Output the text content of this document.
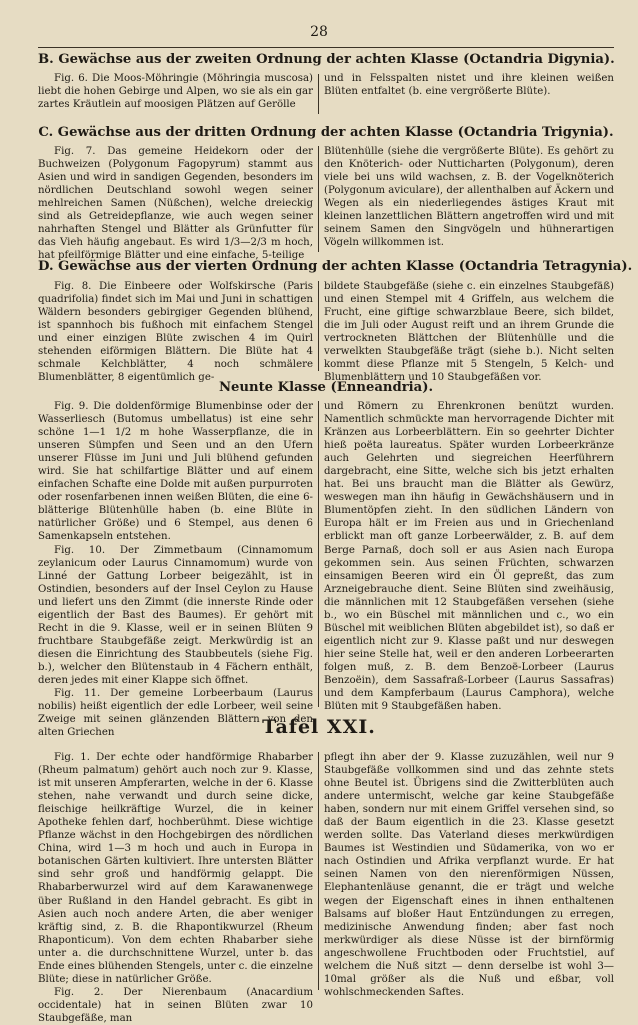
28
B. Gewächse aus der zweiten Ordnung der achten Klasse (Octandria Digynia).

Fig. 6. Die Moos-Möhringie (Möhringia muscosa) liebt die hohen Gebirge und Alpen, wo sie als ein gar zartes Kräutlein auf moosigen Plätzen auf Gerölle

und in Felsspalten nistet und ihre kleinen weißen Blüten entfaltet (b. eine vergrößerte Blüte).

C. Gewächse aus der dritten Ordnung der achten Klasse (Octandria Trigynia).

Fig. 7. Das gemeine Heidekorn oder der Buchweizen (Polygonum Fagopyrum) stammt aus Asien und wird in sandigen Gegenden, besonders im nördlichen Deutschland sowohl wegen seiner mehlreichen Samen (Nüßchen), welche dreieckig sind als Getreidepflanze, wie auch wegen seiner nahrhaften Stengel und Blätter als Grünfutter für das Vieh häufig angebaut. Es wird 1/3—2/3 m hoch, hat pfeilförmige Blätter und eine einfache, 5-teilige

Blütenhülle (siehe die vergrößerte Blüte). Es gehört zu den Knöterich- oder Nutticharten (Polygonum), deren viele bei uns wild wachsen, z. B. der Vogelknöterich (Polygonum aviculare), der allenthalben auf Äckern und Wegen als ein niederliegendes ästiges Kraut mit kleinen lanzettlichen Blättern angetroffen wird und mit seinem Samen den Singvögeln und hühnerartigen Vögeln willkommen ist.

D. Gewächse aus der vierten Ordnung der achten Klasse (Octandria Tetragynia).

Fig. 8. Die Einbeere oder Wolfskirsche (Paris quadrifolia) findet sich im Mai und Juni in schattigen Wäldern besonders gebirgiger Gegenden blühend, ist spannhoch bis fußhoch mit einfachem Stengel und einer einzigen Blüte zwischen 4 im Quirl stehenden eiförmigen Blättern. Die Blüte hat 4 schmale Kelchblätter, 4 noch schmälere Blumenblätter, 8 eigentümlich ge-

bildete Staubgefäße (siehe c. ein einzelnes Staubgefäß) und einen Stempel mit 4 Griffeln, aus welchem die Frucht, eine giftige schwarzblaue Beere, sich bildet, die im Juli oder August reift und an ihrem Grunde die vertrockneten Blättchen der Blütenhülle und die verwelkten Staubgefäße trägt (siehe b.). Nicht selten kommt diese Pflanze mit 5 Stengeln, 5 Kelch- und Blumenblättern und 10 Staubgefäßen vor.

Neunte Klasse (Enneandria).

Fig. 9. Die doldenförmige Blumenbinse oder der Wasserliesch (Butomus umbellatus) ist eine sehr schöne 1—1 1/2 m hohe Wasserpflanze, die in unseren Sümpfen und Seen und an den Ufern unserer Flüsse im Juni und Juli blühend gefunden wird. Sie hat schilfartige Blätter und auf einem einfachen Schafte eine Dolde mit außen purpurroten oder rosenfarbenen innen weißen Blüten, die eine 6-blätterige Blütenhülle haben (b. eine Blüte in natürlicher Größe) und 6 Stempel, aus denen 6 Samenkapseln entstehen.

Fig. 10. Der Zimmetbaum (Cinnamomum zeylanicum oder Laurus Cinnamomum) wurde von Linné der Gattung Lorbeer beigezählt, ist in Ostindien, besonders auf der Insel Ceylon zu Hause und liefert uns den Zimmt (die innerste Rinde oder eigentlich der Bast des Baumes). Er gehört mit Recht in die 9. Klasse, weil er in seinen Blüten 9 fruchtbare Staubgefäße zeigt. Merkwürdig ist an diesen die Einrichtung des Staubbeutels (siehe Fig. b.), welcher den Blütenstaub in 4 Fächern enthält, deren jedes mit einer Klappe sich öffnet.

Fig. 11. Der gemeine Lorbeerbaum (Laurus nobilis) heißt eigentlich der edle Lorbeer, weil seine Zweige mit seinen glänzenden Blättern von den alten Griechen

und Römern zu Ehrenkronen benützt wurden. Namentlich schmückte man hervorragende Dichter mit Kränzen aus Lorbeerblättern. Ein so geehrter Dichter hieß poëta laureatus. Später wurden Lorbeerkränze auch Gelehrten und siegreichen Heerführern dargebracht, eine Sitte, welche sich bis jetzt erhalten hat. Bei uns braucht man die Blätter als Gewürz, weswegen man ihn häufig in Gewächshäusern und in Blumentöpfen zieht. In den südlichen Ländern von Europa hält er im Freien aus und in Griechenland erblickt man oft ganze Lorbeerwälder, z. B. auf dem Berge Parnaß, doch soll er aus Asien nach Europa gekommen sein. Aus seinen Früchten, schwarzen einsamigen Beeren wird ein Öl gepreßt, das zum Arzneigebrauche dient. Seine Blüten sind zweihäusig, die männlichen mit 12 Staubgefäßen versehen (siehe b., wo ein Büschel mit männlichen und c., wo ein Büschel mit weiblichen Blüten abgebildet ist), so daß er eigentlich nicht zur 9. Klasse paßt und nur deswegen hier seine Stelle hat, weil er den anderen Lorbeerarten folgen muß, z. B. dem Benzoë-Lorbeer (Laurus Benzoëin), dem Sassafraß-Lorbeer (Laurus Sassafras) und dem Kampferbaum (Laurus Camphora), welche Blüten mit 9 Staubgefäßen haben.

Tafel XXI.

Fig. 1. Der echte oder handförmige Rhabarber (Rheum palmatum) gehört auch noch zur 9. Klasse, ist mit unseren Ampferarten, welche in der 6. Klasse stehen, nahe verwandt und durch seine dicke, fleischige heilkräftige Wurzel, die in keiner Apotheke fehlen darf, hochberühmt. Diese wichtige Pflanze wächst in den Hochgebirgen des nördlichen China, wird 1—3 m hoch und auch in Europa in botanischen Gärten kultiviert. Ihre untersten Blätter sind sehr groß und handförmig gelappt. Die Rhabarberwurzel wird auf dem Karawanenwege über Rußland in den Handel gebracht. Es gibt in Asien auch noch andere Arten, die aber weniger kräftig sind, z. B. die Rhapontikwurzel (Rheum Rhaponticum). Von dem echten Rhabarber siehe unter a. die durchschnittene Wurzel, unter b. das Ende eines blühenden Stengels, unter c. die einzelne Blüte; diese in natürlicher Größe.

Fig. 2. Der Nierenbaum (Anacardium occidentale) hat in seinen Blüten zwar 10 Staubgefäße, man

pflegt ihn aber der 9. Klasse zuzuzählen, weil nur 9 Staubgefäße vollkommen sind und das zehnte stets ohne Beutel ist. Übrigens sind die Zwitterblüten auch andere untermischt, welche gar keine Staubgefäße haben, sondern nur mit einem Griffel versehen sind, so daß der Baum eigentlich in die 23. Klasse gesetzt werden sollte. Das Vaterland dieses merkwürdigen Baumes ist Westindien und Südamerika, von wo er nach Ostindien und Afrika verpflanzt wurde. Er hat seinen Namen von den nierenförmigen Nüssen, Elephantenläuse genannt, die er trägt und welche wegen der Eigenschaft eines in ihnen enthaltenen Balsams auf bloßer Haut Entzündungen zu erregen, medizinische Anwendung finden; aber fast noch merkwürdiger als diese Nüsse ist der birnförmig angeschwollene Fruchtboden oder Fruchtstiel, auf welchem die Nuß sitzt — denn derselbe ist wohl 3—10mal größer als die Nuß und eßbar, voll wohlschmeckenden Saftes.
